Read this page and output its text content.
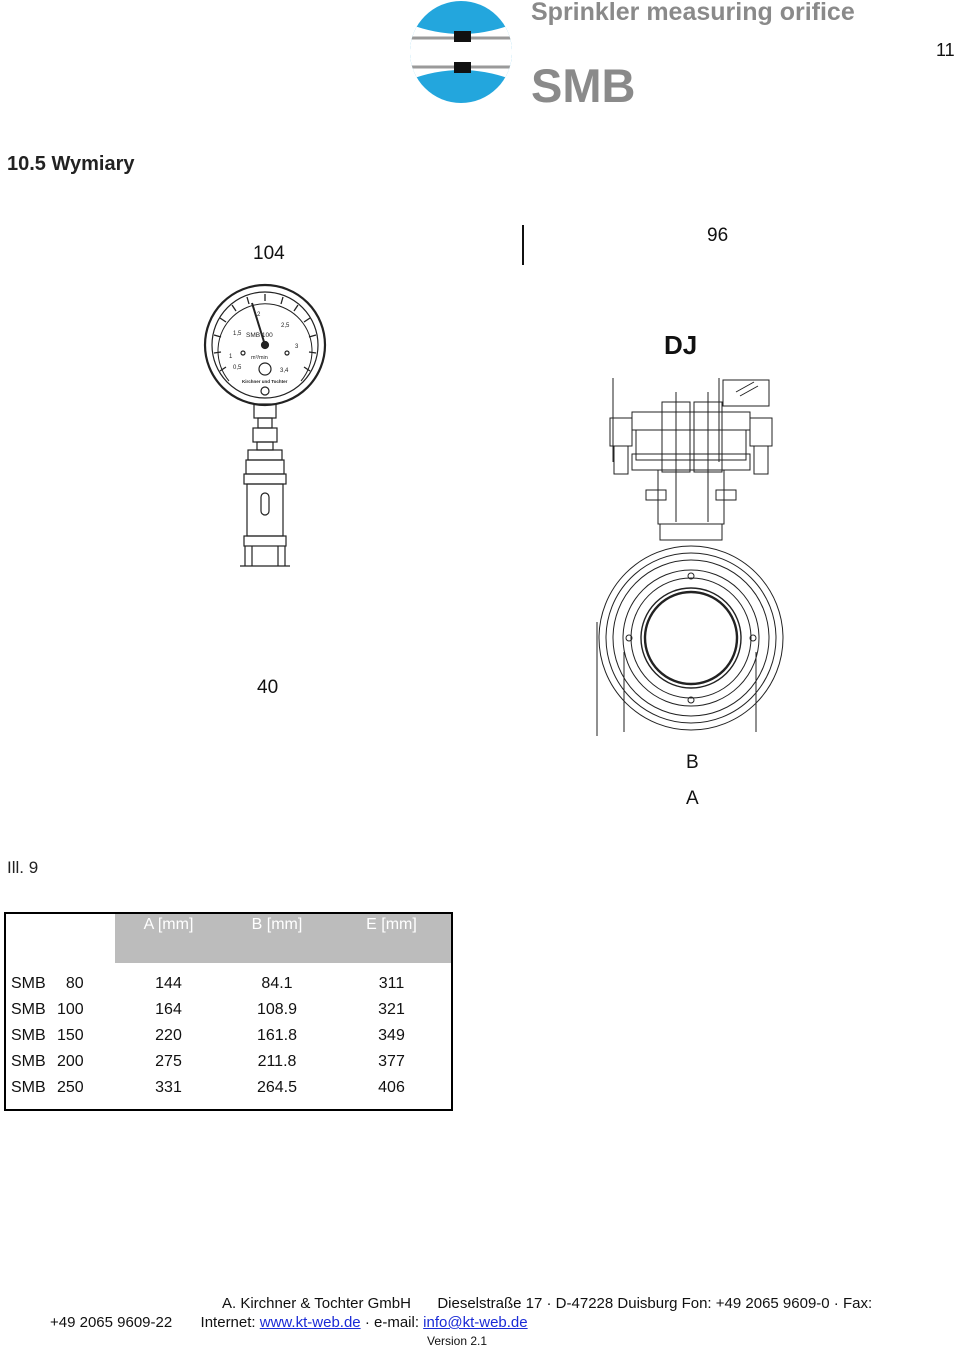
Sprinkler measuring orifice
SMB
11
10.5 Wymiary
104
96
DJ
40
B
A
1,5
2
2,5
3
1
0,5	3,4
SMB 100
m³/min
Kirchner und Tochter
Ill. 9
	A [mm]	B [mm]	E [mm]
SMB 80	144	84.1	311
SMB 100	164	108.9	321
SMB 150	220	161.8	349
SMB 200	275	211.8	377
SMB 250	331	264.5	406
A. Kirchner & Tochter GmbH Dieselstraße 17 · D-47228 Duisburg Fon: +49 2065 9609-0 · Fax:
+49 2065 9609-22 Internet: www.kt-web.de · e-mail: info@kt-web.de
Version 2.1
